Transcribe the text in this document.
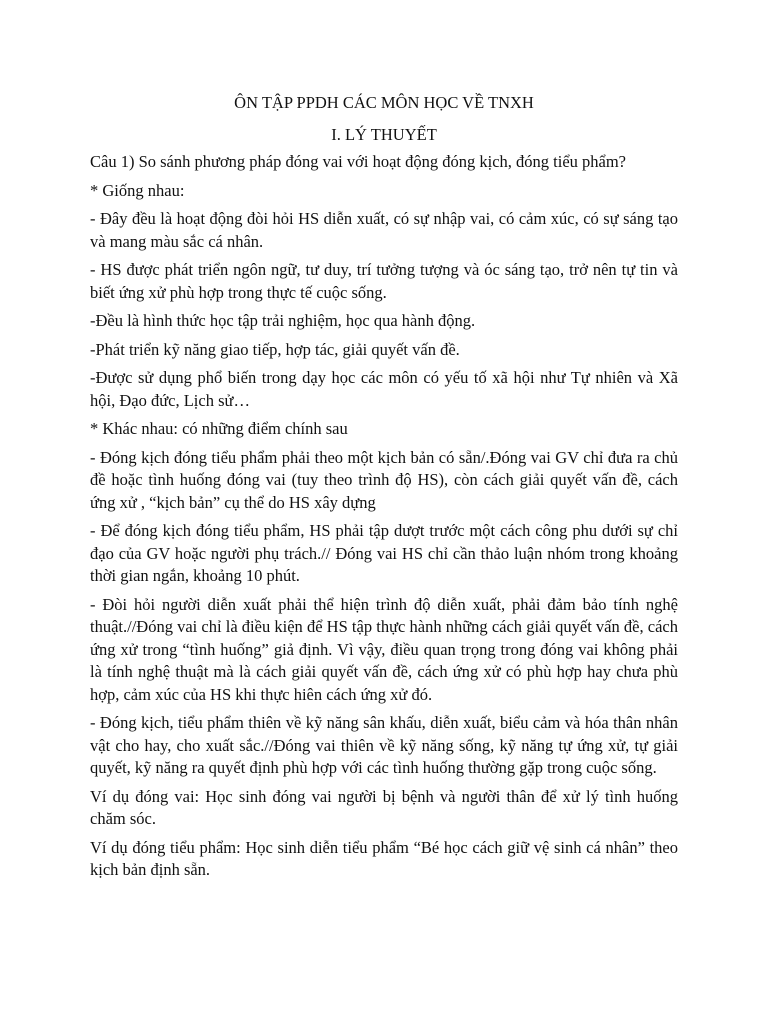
ÔN TẬP PPDH CÁC MÔN HỌC VỀ TNXH
I. LÝ THUYẾT

Câu 1) So sánh phương pháp đóng vai với hoạt động đóng kịch, đóng tiểu phẩm?

* Giống nhau:

- Đây đều là hoạt động đòi hỏi HS diễn xuất, có sự nhập vai, có cảm xúc, có sự sáng tạo và mang màu sắc cá nhân.

- HS được phát triển ngôn ngữ, tư duy, trí tưởng tượng và óc sáng tạo, trở nên tự tin và biết ứng xử phù hợp trong thực tế cuộc sống.

-Đều là hình thức học tập trải nghiệm, học qua hành động.

-Phát triển kỹ năng giao tiếp, hợp tác, giải quyết vấn đề.

-Được sử dụng phổ biến trong dạy học các môn có yếu tố xã hội như Tự nhiên và Xã hội, Đạo đức, Lịch sử…

* Khác nhau: có những điểm chính sau

- Đóng kịch đóng tiểu phẩm phải theo một kịch bản có sẵn/.Đóng vai GV chỉ đưa ra chủ đề hoặc tình huống đóng vai (tuy theo trình độ HS), còn cách giải quyết vấn đề, cách ứng xử , “kịch bản” cụ thể do HS xây dựng

- Để đóng kịch đóng tiểu phẩm, HS phải tập dượt trước một cách công phu dưới sự chỉ đạo của GV hoặc người phụ trách.// Đóng vai HS chỉ cần thảo luận nhóm trong khoảng thời gian ngắn, khoảng 10 phút.

- Đòi hỏi người diễn xuất phải thể hiện trình độ diễn xuất, phải đảm bảo tính nghệ thuật.//Đóng vai chỉ là điều kiện để HS tập thực hành những cách giải quyết vấn đề, cách ứng xử trong “tình huống” giả định. Vì vậy, điều quan trọng trong đóng vai không phải là tính nghệ thuật mà là cách giải quyết vấn đề, cách ứng xử có phù hợp hay chưa phù hợp, cảm xúc của HS khi thực hiên cách ứng xử đó.

- Đóng kịch, tiểu phẩm thiên về kỹ năng sân khấu, diễn xuất, biểu cảm và hóa thân nhân vật cho hay, cho xuất sắc.//Đóng vai thiên về kỹ năng sống, kỹ năng tự ứng xử, tự giải quyết, kỹ năng ra quyết định phù hợp với các tình huống thường gặp trong cuộc sống.

Ví dụ đóng vai: Học sinh đóng vai người bị bệnh và người thân để xử lý tình huống chăm sóc.

Ví dụ đóng tiểu phẩm: Học sinh diễn tiểu phẩm “Bé học cách giữ vệ sinh cá nhân” theo kịch bản định sẵn.
